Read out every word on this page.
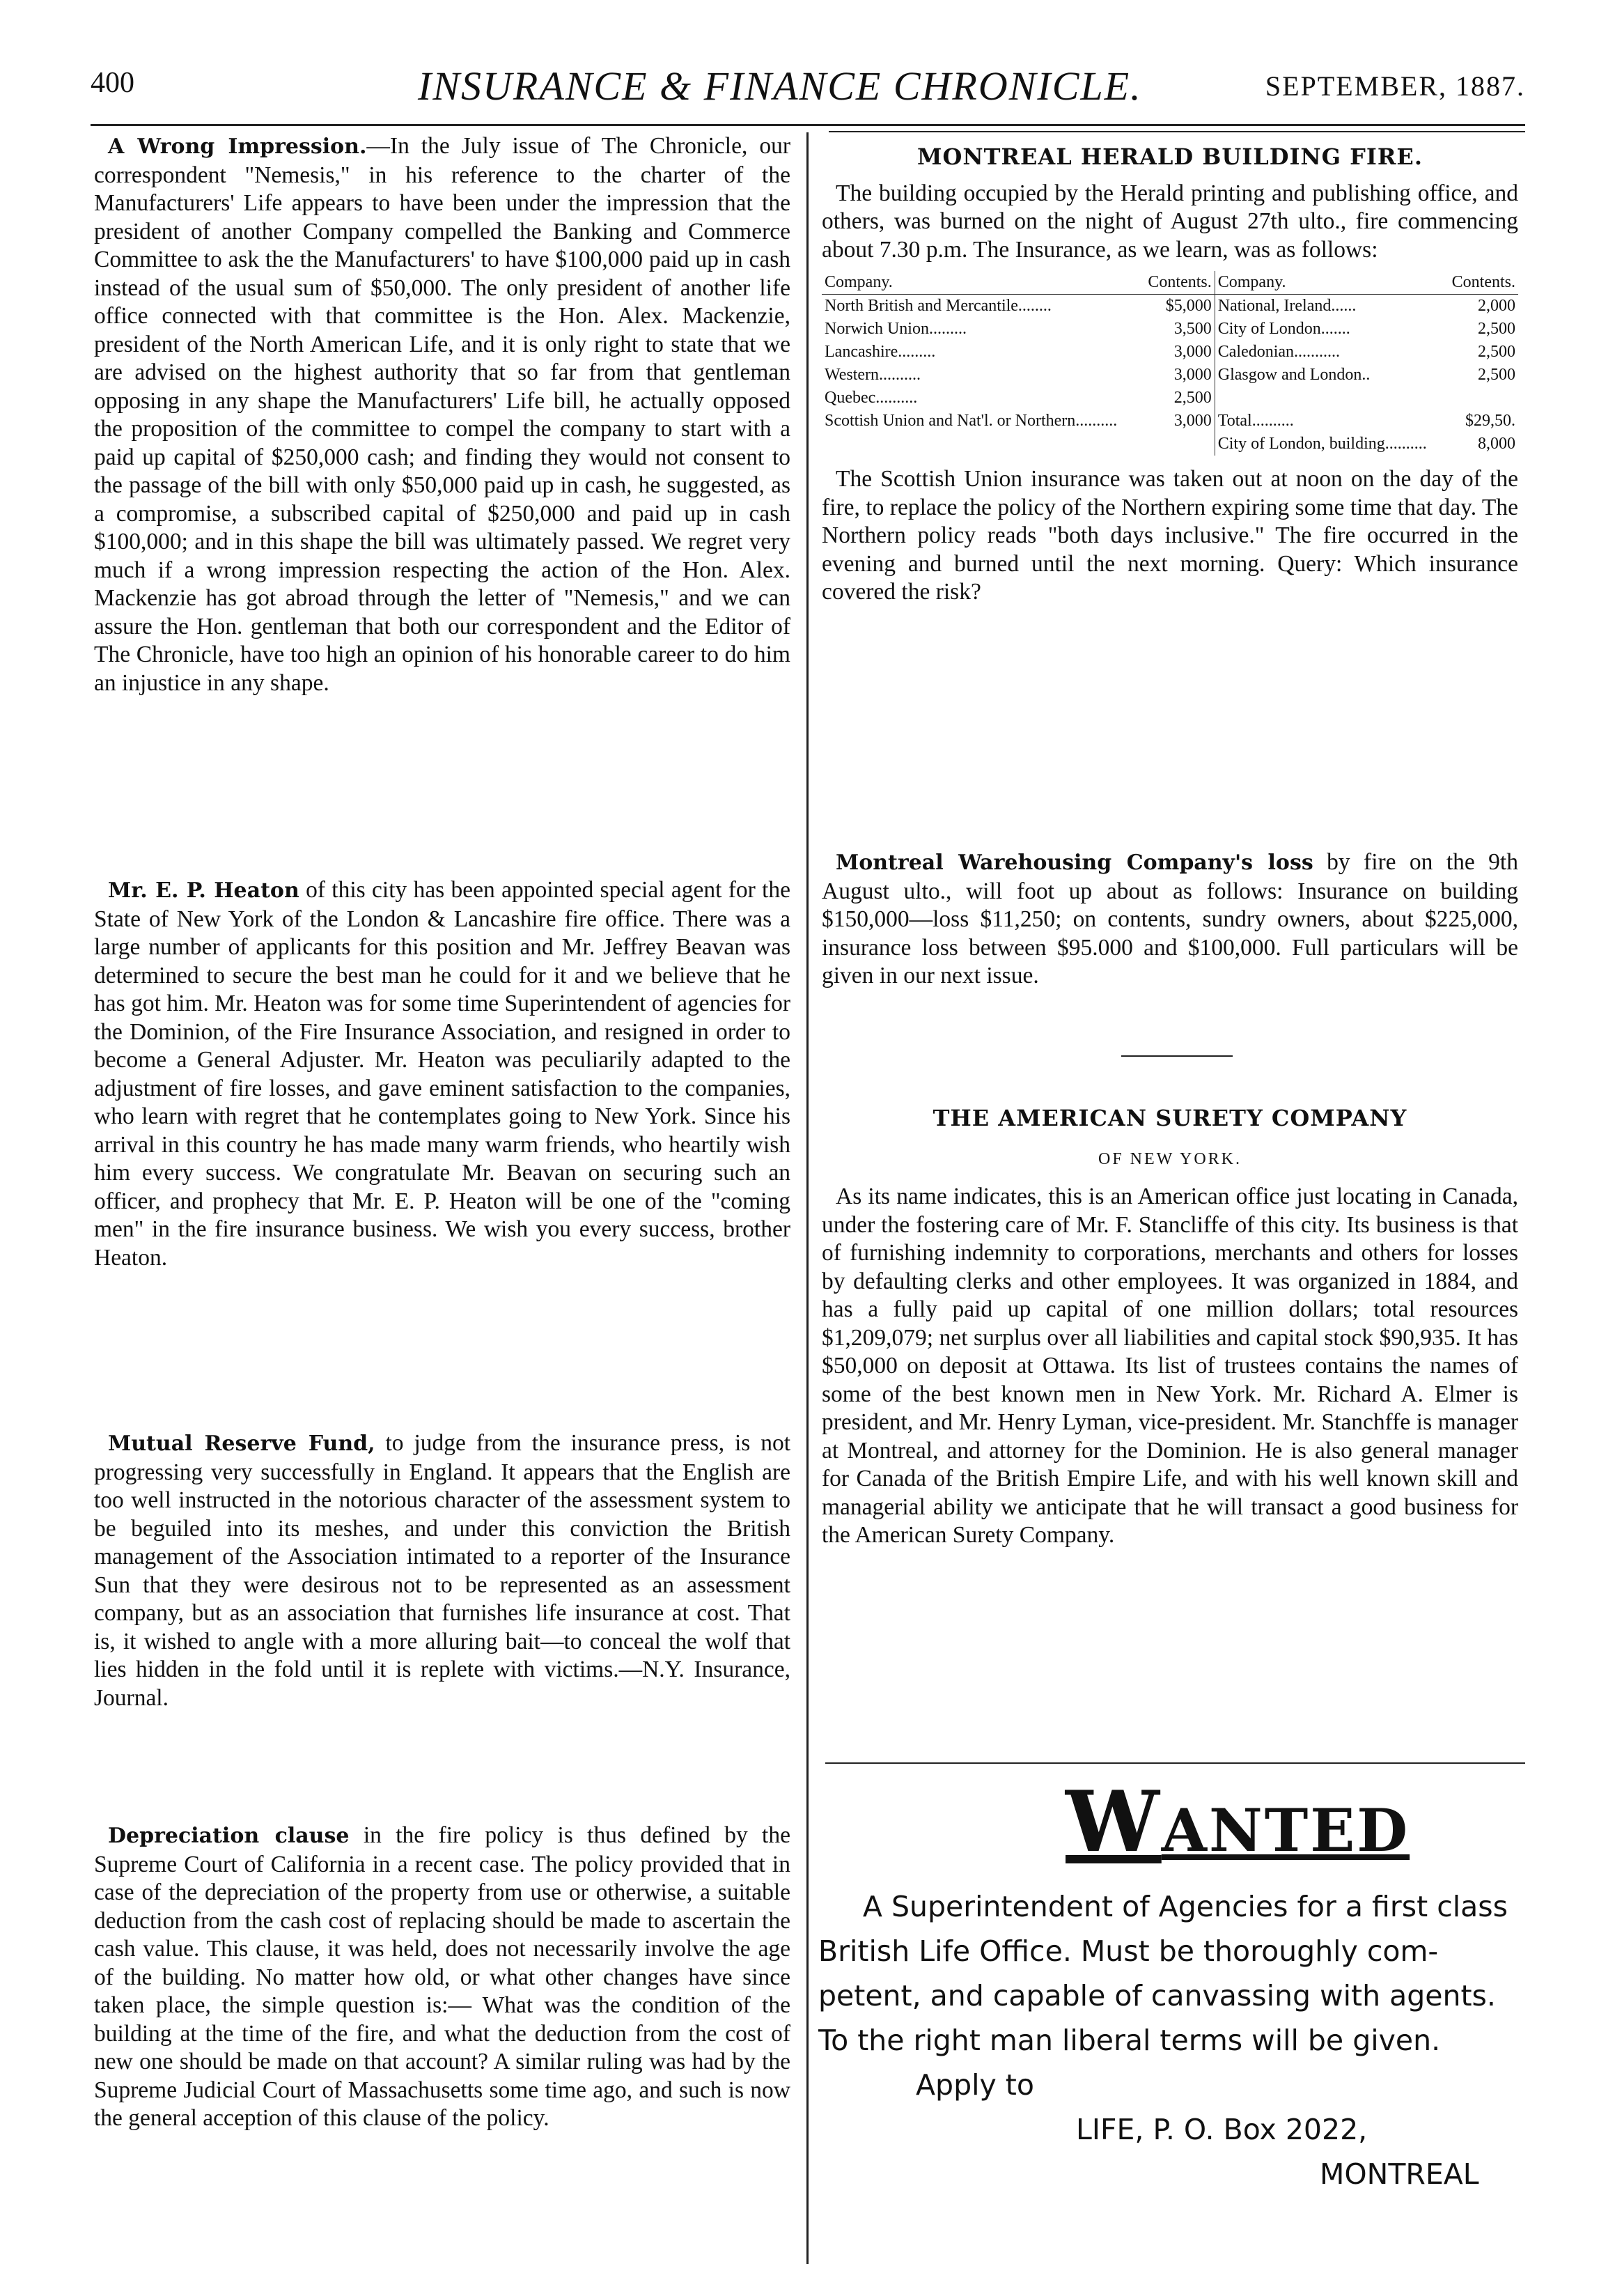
400	INSURANCE & FINANCE CHRONICLE.	SEPTEMBER, 1887.

A Wrong Impression.—In the July issue of The Chronicle, our correspondent "Nemesis," in his reference to the charter of the Manufacturers' Life appears to have been under the impression that the president of another Company compelled the Banking and Commerce Committee to ask the the Manufacturers' to have $100,000 paid up in cash instead of the usual sum of $50,000. The only president of another life office connected with that committee is the Hon. Alex. Mackenzie, president of the North American Life, and it is only right to state that we are advised on the highest authority that so far from that gentleman opposing in any shape the Manufacturers' Life bill, he actually opposed the proposition of the committee to compel the company to start with a paid up capital of $250,000 cash; and finding they would not consent to the passage of the bill with only $50,000 paid up in cash, he suggested, as a compromise, a subscribed capital of $250,000 and paid up in cash $100,000; and in this shape the bill was ultimately passed. We regret very much if a wrong impression respecting the action of the Hon. Alex. Mackenzie has got abroad through the letter of "Nemesis," and we can assure the Hon. gentleman that both our correspondent and the Editor of The Chronicle, have too high an opinion of his honorable career to do him an injustice in any shape.

Mr. E. P. Heaton of this city has been appointed special agent for the State of New York of the London & Lancashire fire office. There was a large number of applicants for this position and Mr. Jeffrey Beavan was determined to secure the best man he could for it and we believe that he has got him. Mr. Heaton was for some time Superintendent of agencies for the Dominion, of the Fire Insurance Association, and resigned in order to become a General Adjuster. Mr. Heaton was peculiarily adapted to the adjustment of fire losses, and gave eminent satisfaction to the companies, who learn with regret that he contemplates going to New York. Since his arrival in this country he has made many warm friends, who heartily wish him every success. We congratulate Mr. Beavan on securing such an officer, and prophecy that Mr. E. P. Heaton will be one of the "coming men" in the fire insurance business. We wish you every success, brother Heaton.

Mutual Reserve Fund, to judge from the insurance press, is not progressing very successfully in England. It appears that the English are too well instructed in the notorious character of the assessment system to be beguiled into its meshes, and under this conviction the British management of the Association intimated to a reporter of the Insurance Sun that they were desirous not to be represented as an assessment company, but as an association that furnishes life insurance at cost. That is, it wished to angle with a more alluring bait—to conceal the wolf that lies hidden in the fold until it is replete with victims.—N.Y. Insurance, Journal.

Depreciation clause in the fire policy is thus defined by the Supreme Court of California in a recent case. The policy provided that in case of the depreciation of the property from use or otherwise, a suitable deduction from the cash cost of replacing should be made to ascertain the cash value. This clause, it was held, does not necessarily involve the age of the building. No matter how old, or what other changes have since taken place, the simple question is:— What was the condition of the building at the time of the fire, and what the deduction from the cost of new one should be made on that account? A similar ruling was had by the Supreme Judicial Court of Massachusetts some time ago, and such is now the general acception of this clause of the policy.

MONTREAL HERALD BUILDING FIRE.

The building occupied by the Herald printing and publishing office, and others, was burned on the night of August 27th ulto., fire commencing about 7.30 p.m. The Insurance, as we learn, was as follows:

Company.	Contents.	Company.	Contents.
North British and Mercantile........	$5,000	National, Ireland......	2,000
Norwich Union.........	3,500	City of London.......	2,500
Lancashire.........	3,000	Caledonian...........	2,500
Western..........	3,000	Glasgow and London..	2,500
Quebec..........	2,500		
Scottish Union and Nat'l. or Northern..........	3,000	Total..........	$29,50.
		City of London, building..........	8,000

The Scottish Union insurance was taken out at noon on the day of the fire, to replace the policy of the Northern expiring some time that day. The Northern policy reads "both days inclusive." The fire occurred in the evening and burned until the next morning. Query: Which insurance covered the risk?

Montreal Warehousing Company's loss by fire on the 9th August ulto., will foot up about as follows: Insurance on building $150,000—loss $11,250; on contents, sundry owners, about $225,000, insurance loss between $95.000 and $100,000. Full particulars will be given in our next issue.

THE AMERICAN SURETY COMPANY
OF NEW YORK.

As its name indicates, this is an American office just locating in Canada, under the fostering care of Mr. F. Stancliffe of this city. Its business is that of furnishing indemnity to corporations, merchants and others for losses by defaulting clerks and other employees. It was organized in 1884, and has a fully paid up capital of one million dollars; total resources $1,209,079; net surplus over all liabilities and capital stock $90,935. It has $50,000 on deposit at Ottawa. Its list of trustees contains the names of some of the best known men in New York. Mr. Richard A. Elmer is president, and Mr. Henry Lyman, vice-president. Mr. Stanchffe is manager at Montreal, and attorney for the Dominion. He is also general manager for Canada of the British Empire Life, and with his well known skill and managerial ability we anticipate that he will transact a good business for the American Surety Company.

WANTED
A Superintendent of Agencies for a first class
British Life Office. Must be thoroughly com-
petent, and capable of canvassing with agents.
To the right man liberal terms will be given.
Apply to
LIFE, P. O. Box 2022,
MONTREAL
